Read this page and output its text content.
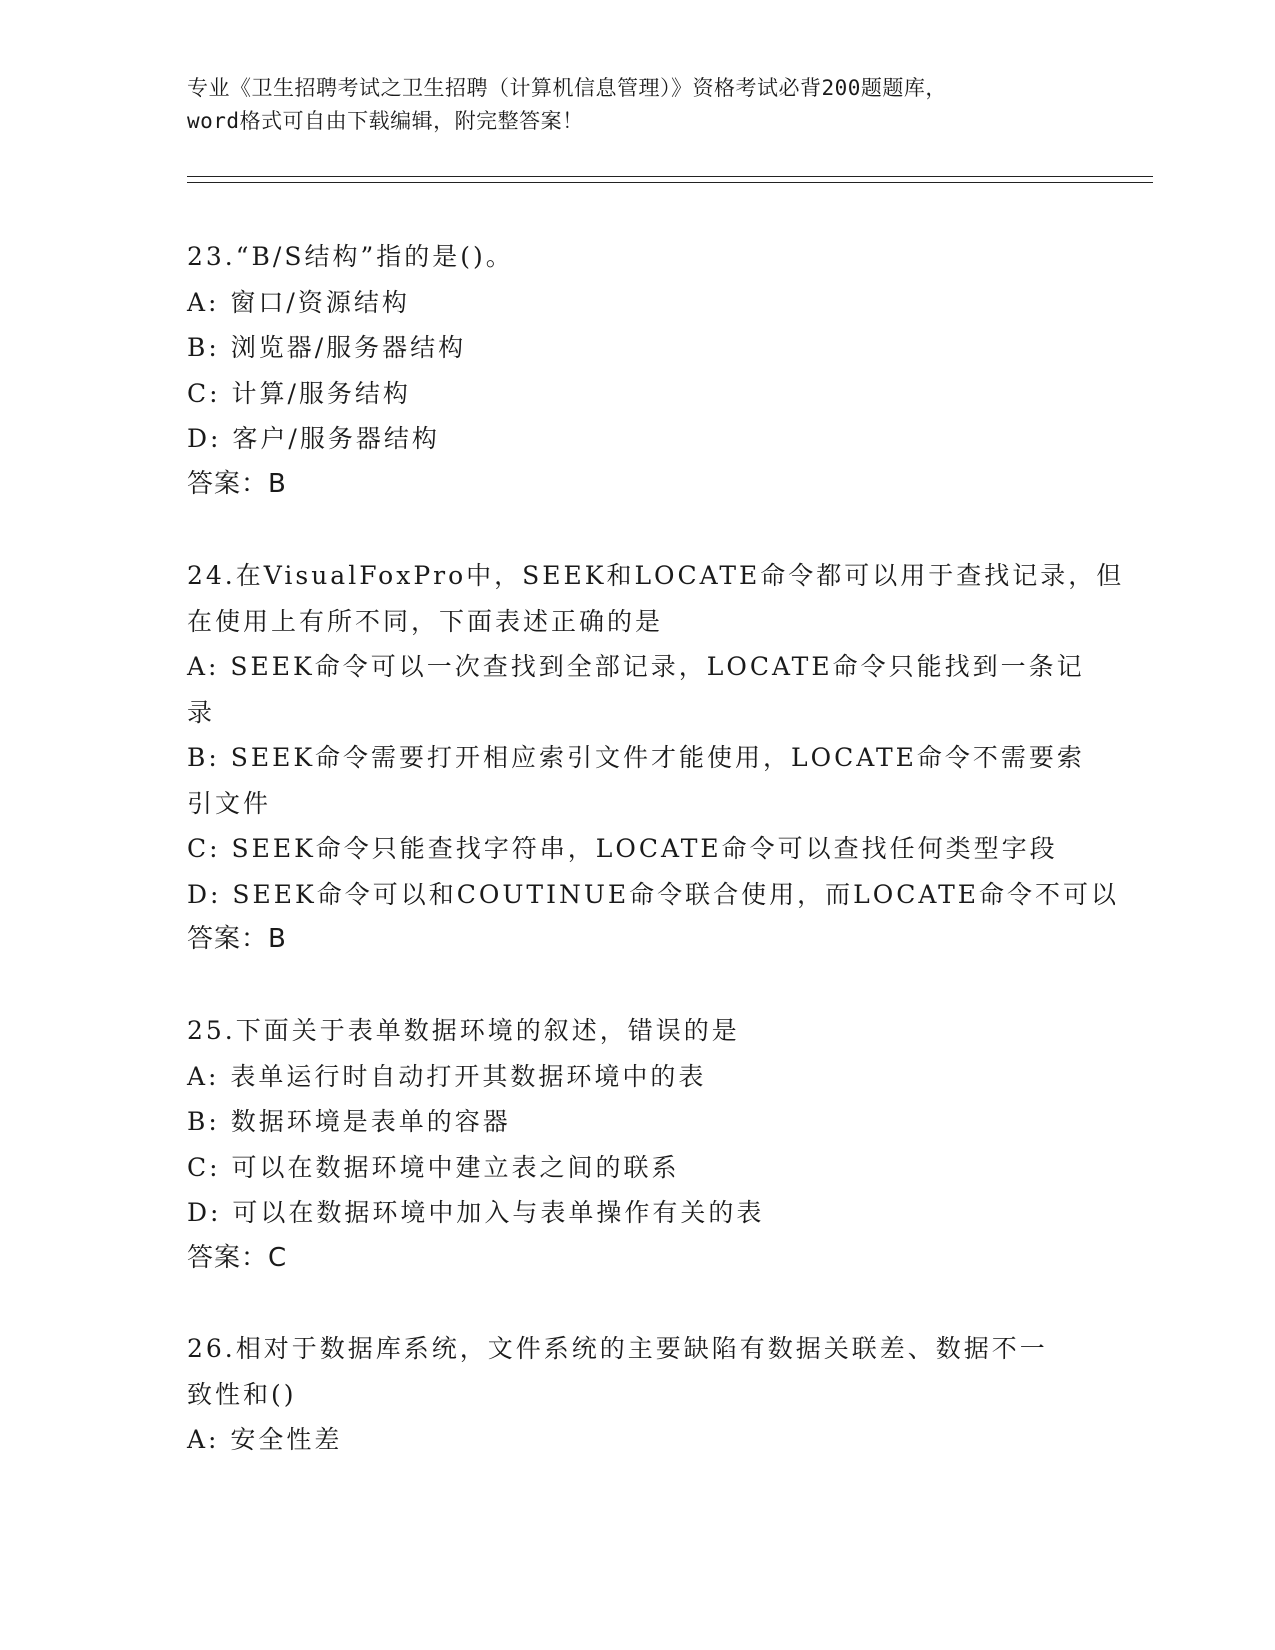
专业《卫生招聘考试之卫生招聘（计算机信息管理）》资格考试必背200题题库，
word格式可自由下载编辑，附完整答案！
23.“B/S结构”指的是()。
A: 窗口/资源结构
B: 浏览器/服务器结构
C: 计算/服务结构
D: 客户/服务器结构
答案：B
24.在VisualFoxPro中，SEEK和LOCATE命令都可以用于查找记录，但
在使用上有所不同，下面表述正确的是
A: SEEK命令可以一次查找到全部记录，LOCATE命令只能找到一条记
录
B: SEEK命令需要打开相应索引文件才能使用，LOCATE命令不需要索
引文件
C: SEEK命令只能查找字符串，LOCATE命令可以查找任何类型字段
D: SEEK命令可以和COUTINUE命令联合使用，而LOCATE命令不可以
答案：B
25.下面关于表单数据环境的叙述，错误的是
A: 表单运行时自动打开其数据环境中的表
B: 数据环境是表单的容器
C: 可以在数据环境中建立表之间的联系
D: 可以在数据环境中加入与表单操作有关的表
答案：C
26.相对于数据库系统，文件系统的主要缺陷有数据关联差、数据不一
致性和()
A: 安全性差
